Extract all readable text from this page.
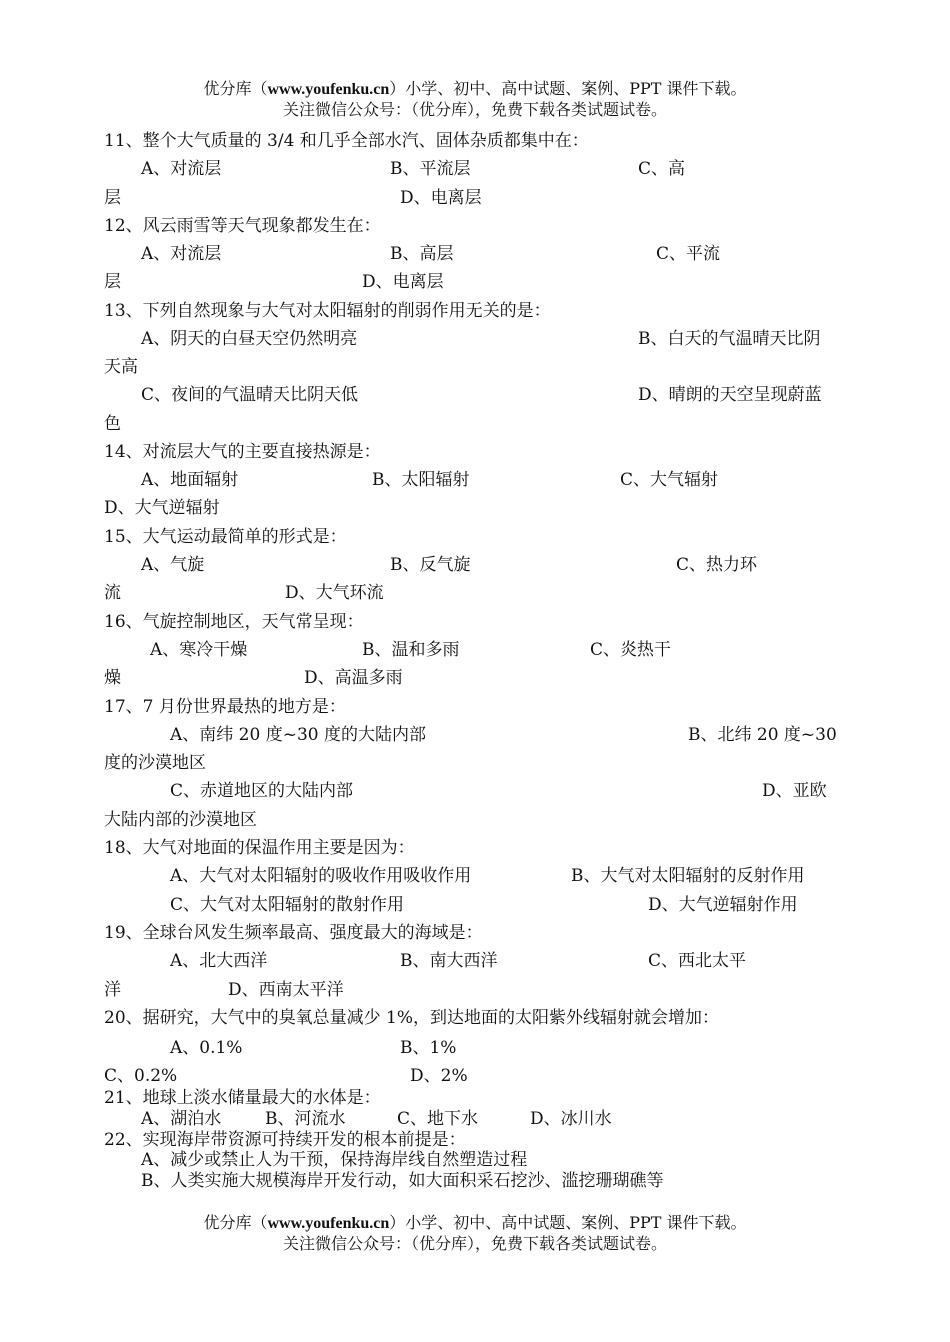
优分库（www.youfenku.cn）小学、初中、高中试题、案例、PPT 课件下载。
关注微信公众号：（优分库），免费下载各类试题试卷。
11、整个大气质量的 3/4 和几乎全部水汽、固体杂质都集中在：
A、对流层	B、平流层	C、高
层	D、电离层
12、风云雨雪等天气现象都发生在：
A、对流层	B、高层	C、平流
层	D、电离层
13、下列自然现象与大气对太阳辐射的削弱作用无关的是：
A、阴天的白昼天空仍然明亮	B、白天的气温晴天比阴
天高
C、夜间的气温晴天比阴天低	D、晴朗的天空呈现蔚蓝
色
14、对流层大气的主要直接热源是：
A、地面辐射	B、太阳辐射	C、大气辐射
D、大气逆辐射
15、大气运动最简单的形式是：
A、气旋	B、反气旋	C、热力环
流	D、大气环流
16、气旋控制地区，天气常呈现：
A、寒冷干燥	B、温和多雨	C、炎热干
燥	D、高温多雨
17、7 月份世界最热的地方是：
A、南纬 20 度~30 度的大陆内部	B、北纬 20 度~30
度的沙漠地区
C、赤道地区的大陆内部	D、亚欧
大陆内部的沙漠地区
18、大气对地面的保温作用主要是因为：
A、大气对太阳辐射的吸收作用吸收作用	B、大气对太阳辐射的反射作用
C、大气对太阳辐射的散射作用	D、大气逆辐射作用
19、全球台风发生频率最高、强度最大的海域是：
A、北大西洋	B、南大西洋	C、西北太平
洋	D、西南太平洋
20、据研究，大气中的臭氧总量减少 1%，到达地面的太阳紫外线辐射就会增加：
A、0.1%	B、1%
C、0.2%	D、2%
21、地球上淡水储量最大的水体是：
A、湖泊水	B、河流水	C、地下水	D、冰川水
22、实现海岸带资源可持续开发的根本前提是：
A、减少或禁止人为干预，保持海岸线自然塑造过程
B、人类实施大规模海岸开发行动，如大面积采石挖沙、滥挖珊瑚礁等
优分库（www.youfenku.cn）小学、初中、高中试题、案例、PPT 课件下载。
关注微信公众号：（优分库），免费下载各类试题试卷。
